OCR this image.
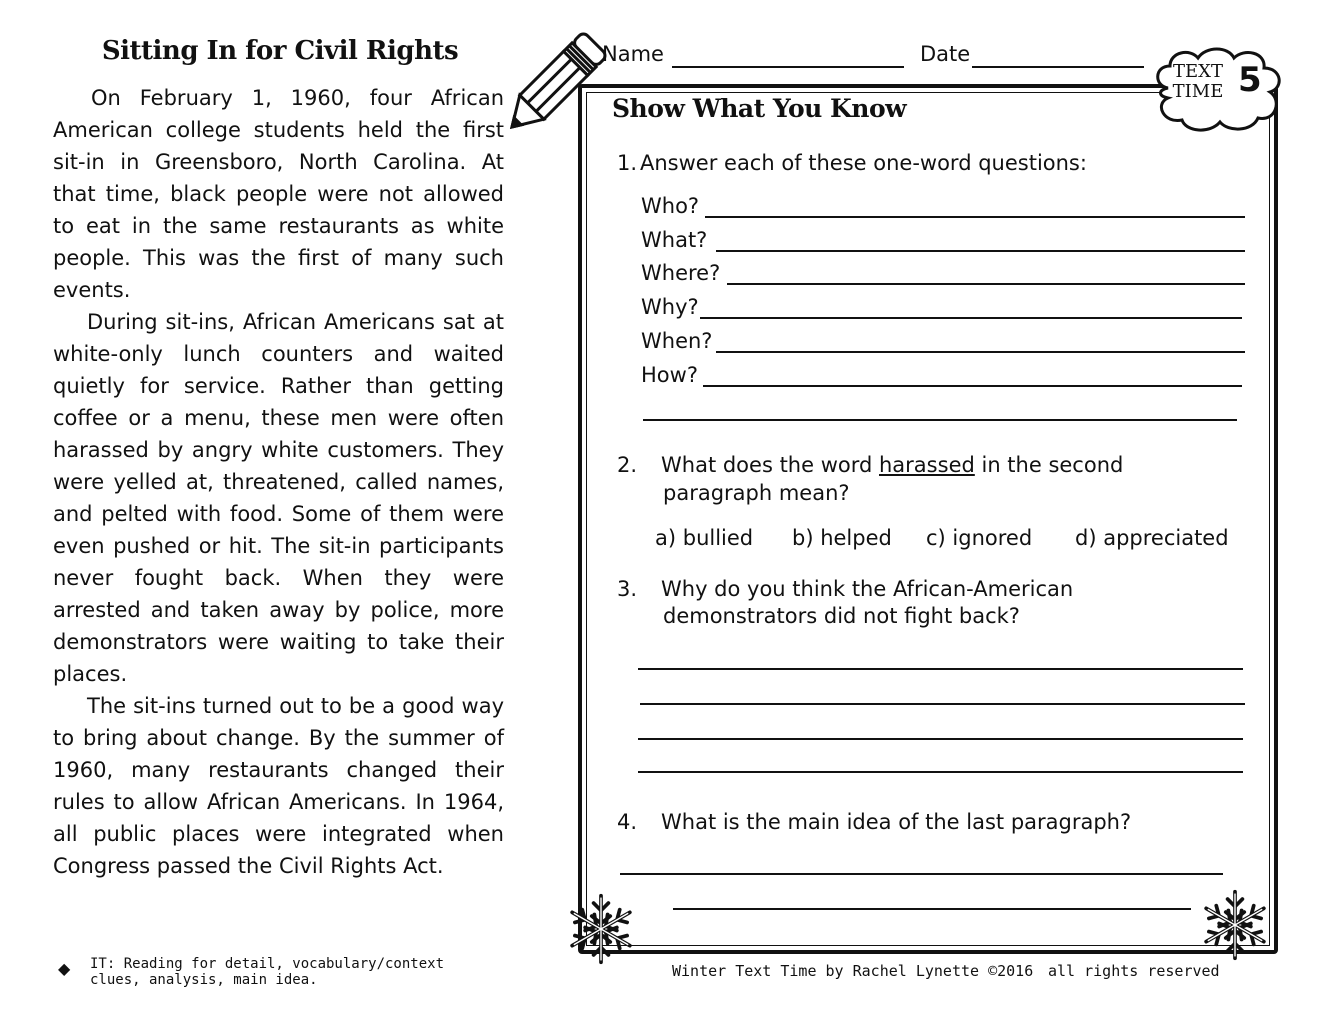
Sitting In for Civil Rights

On February 1, 1960, four African American college students held the first sit-in in Greensboro, North Carolina. At that time, black people were not allowed to eat in the same restaurants as white people. This was the first of many such events.

During sit-ins, African Americans sat at white-only lunch counters and waited quietly for service. Rather than getting coffee or a menu, these men were often harassed by angry white customers. They were yelled at, threatened, called names, and pelted with food. Some of them were even pushed or hit. The sit-in participants never fought back. When they were arrested and taken away by police, more demonstrators were waiting to take their places.

The sit-ins turned out to be a good way to bring about change. By the summer of 1960, many restaurants changed their rules to allow African Americans. In 1964, all public places were integrated when Congress passed the Civil Rights Act.

◆ IT: Reading for detail, vocabulary/context clues, analysis, main idea.
Name	Date
TEXT
TIME 5
Show What You Know
1. Answer each of these one-word questions:
Who?
What?
Where?
Why?
When?
How?
2. What does the word harassed in the second
paragraph mean?
a) bullied b) helped c) ignored d) appreciated
3. Why do you think the African-American
demonstrators did not fight back?
4. What is the main idea of the last paragraph?
Winter Text Time by Rachel Lynette ©2016 all rights reserved
